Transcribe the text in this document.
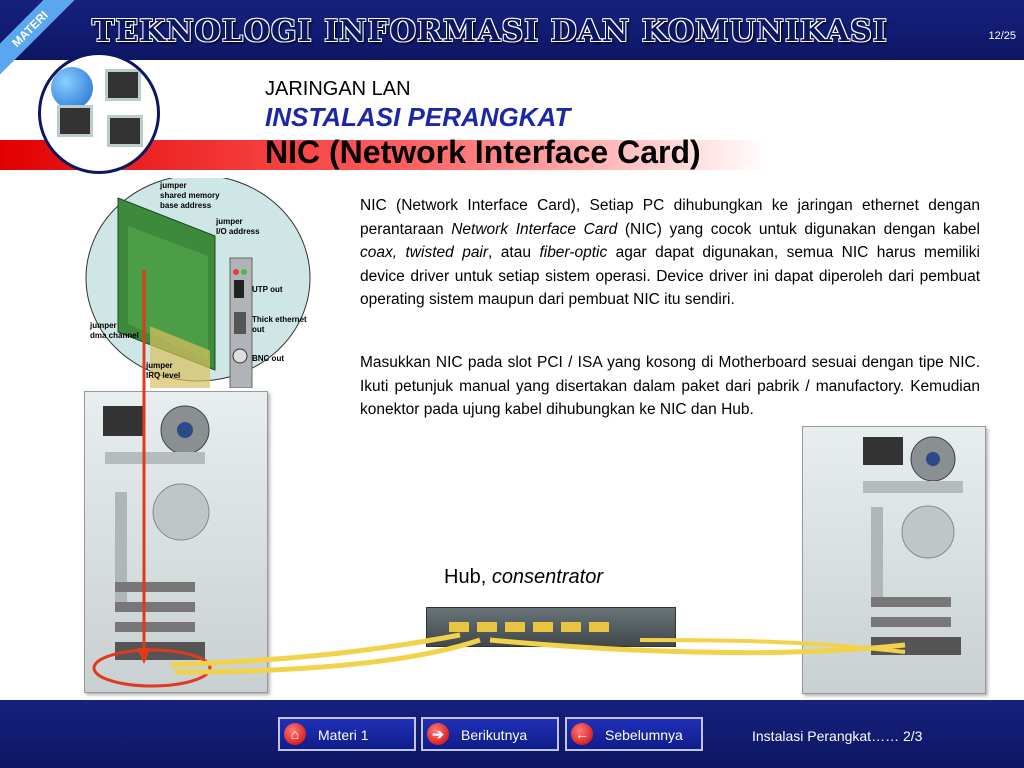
TEKNOLOGI INFORMASI DAN KOMUNIKASI	12/25
MATERI
JARINGAN LAN
INSTALASI PERANGKAT
NIC (Network Interface Card)
jumper shared memory base address
jumper I/O address
UTP out
Thick ethernet out
BNC out
jumper dma channel
jumper IRQ level

NIC (Network Interface Card), Setiap PC dihubungkan ke jaringan ethernet dengan perantaraan Network Interface Card (NIC) yang cocok untuk digunakan dengan kabel coax, twisted pair, atau fiber-optic agar dapat digunakan, semua NIC harus memiliki device driver untuk setiap sistem operasi. Device driver ini dapat diperoleh dari pembuat operating sistem maupun dari pembuat NIC itu sendiri.

Masukkan NIC pada slot PCI / ISA yang kosong di Motherboard sesuai dengan tipe NIC. Ikuti petunjuk manual yang disertakan dalam paket dari pabrik / manufactory. Kemudian konektor pada ujung kabel dihubungkan ke NIC dan Hub.

Hub, consentrator
⌂	Materi 1	➔	Berikutnya	← Sebelumnya	Instalasi Perangkat…… 2/3
